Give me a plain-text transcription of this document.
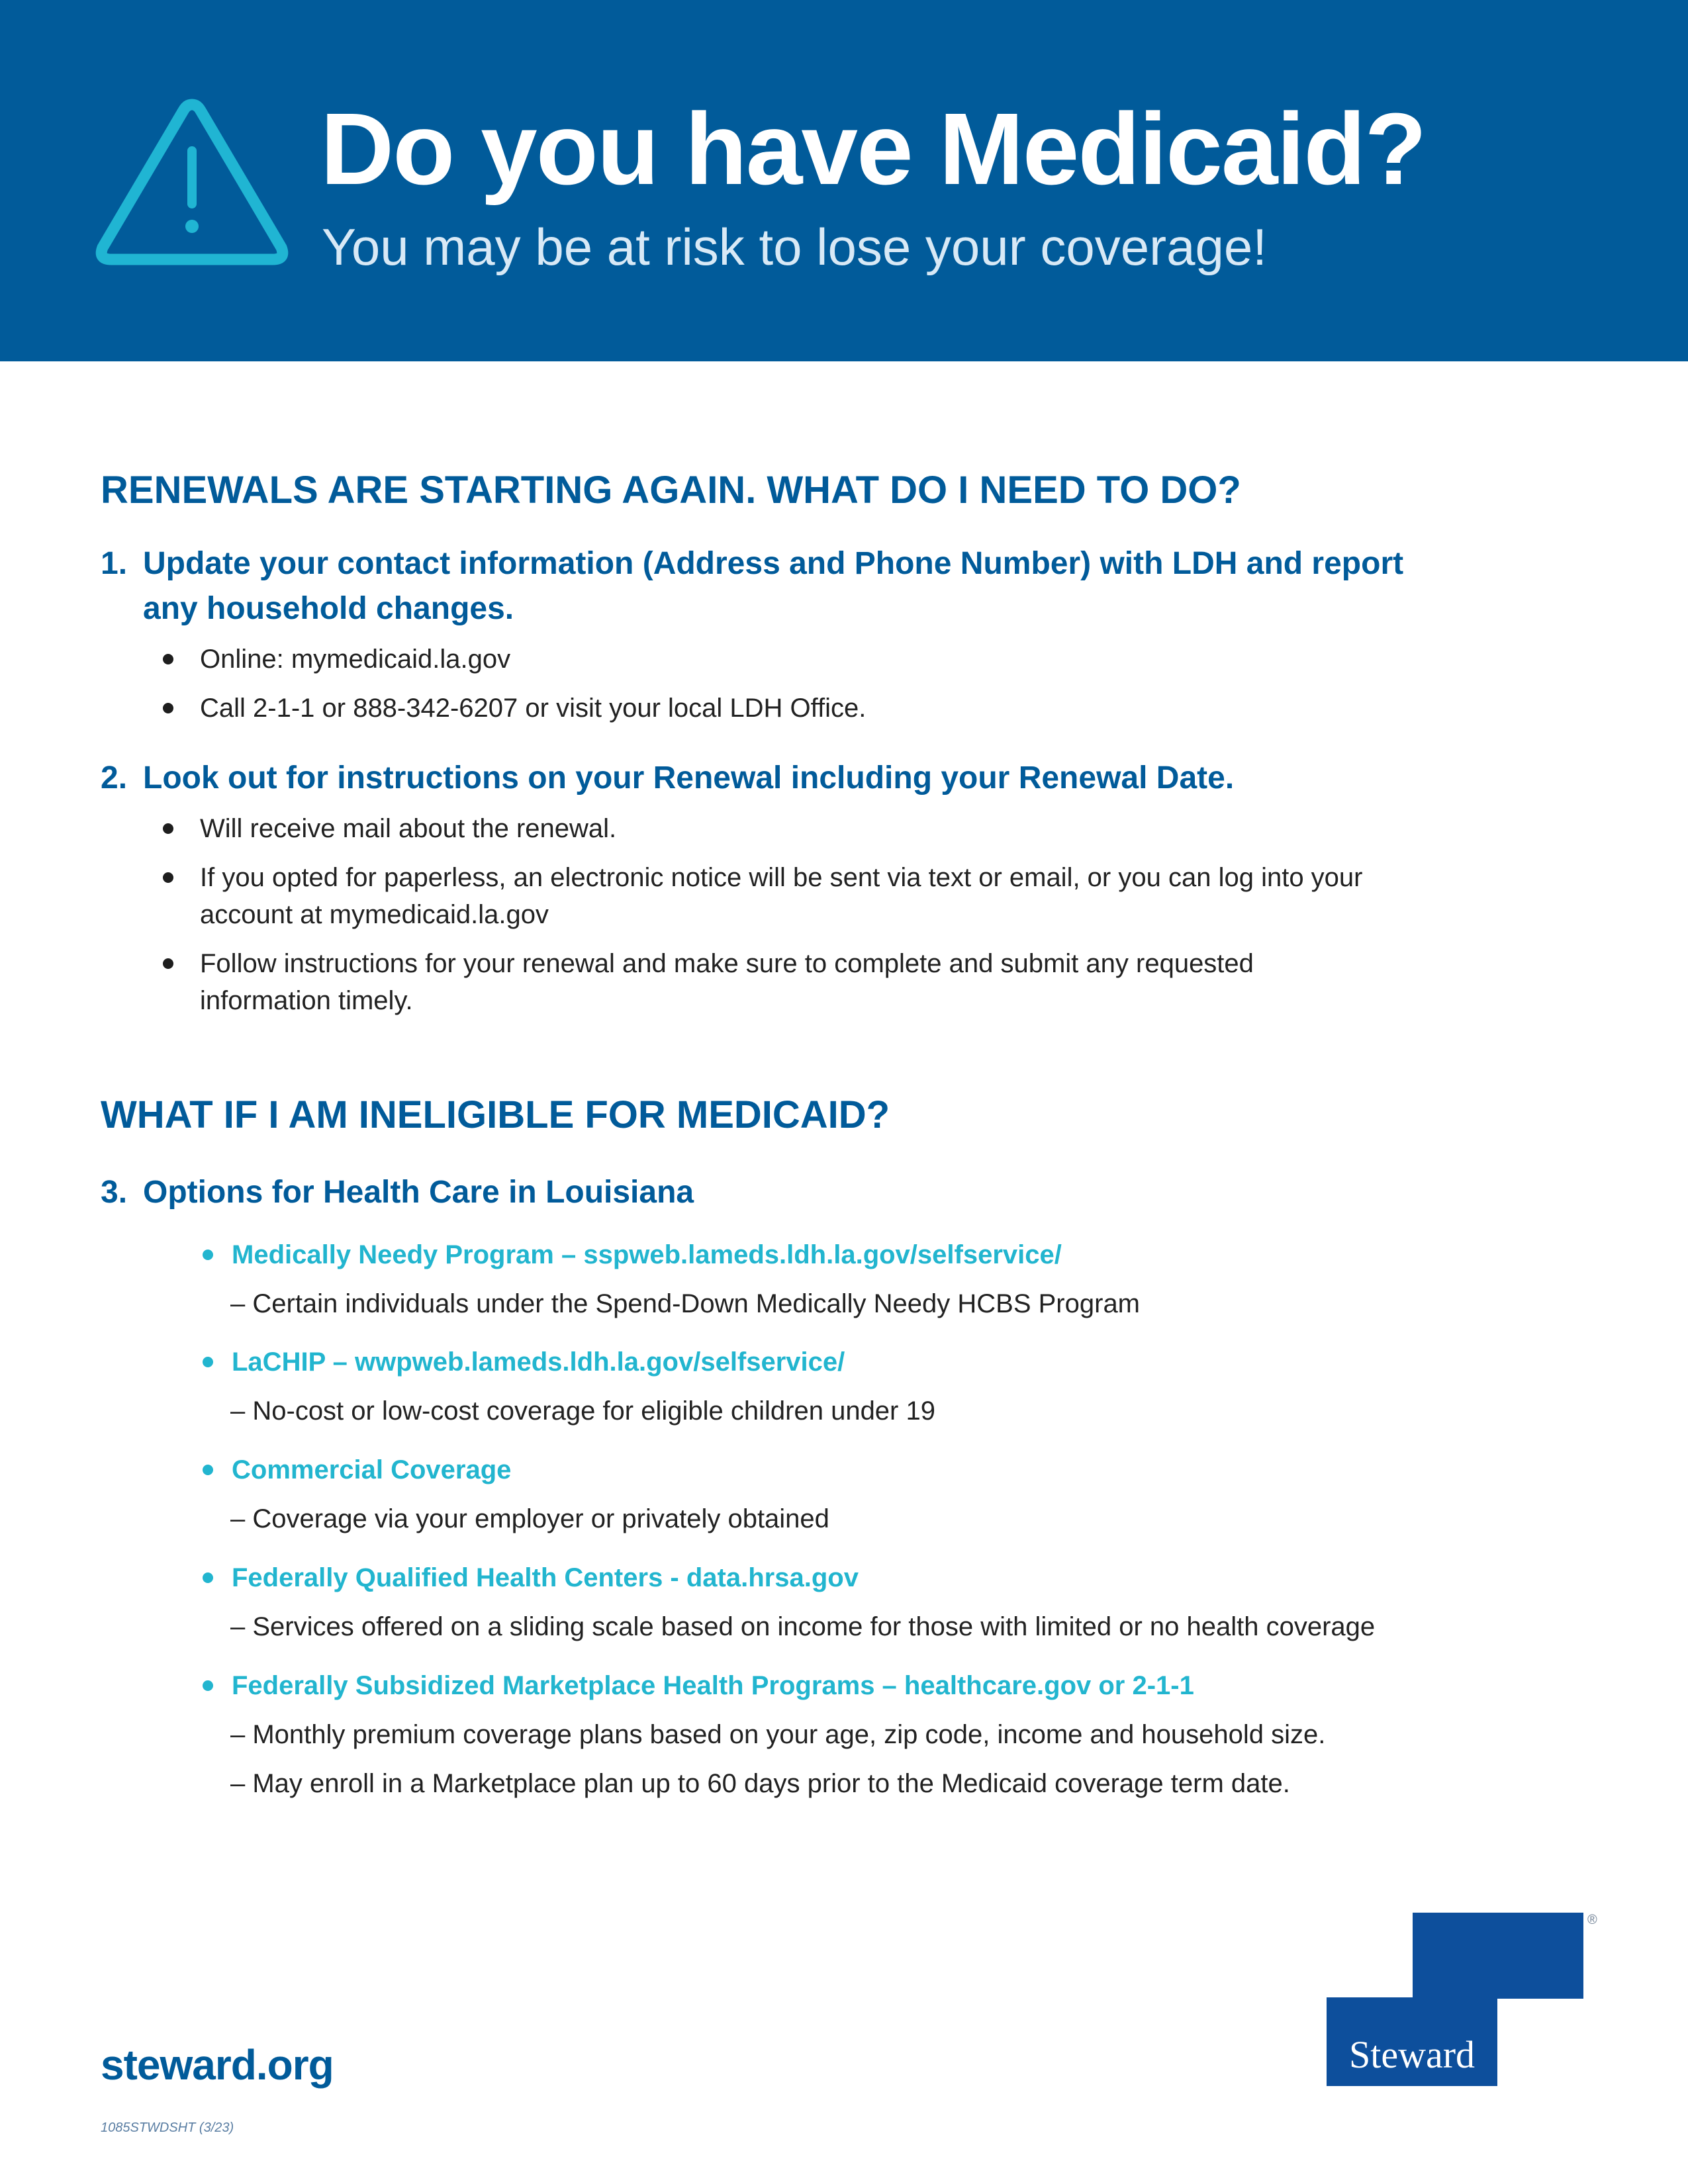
Do you have Medicaid?

You may be at risk to lose your coverage!

RENEWALS ARE STARTING AGAIN. WHAT DO I NEED TO DO?
1. Update your contact information (Address and Phone Number) with LDH and report
any household changes.
Online: mymedicaid.la.gov
Call 2-1-1 or 888-342-6207 or visit your local LDH Office.
2. Look out for instructions on your Renewal including your Renewal Date.
Will receive mail about the renewal.
If you opted for paperless, an electronic notice will be sent via text or email, or you can log into your account at mymedicaid.la.gov
Follow instructions for your renewal and make sure to complete and submit any requested information timely.
WHAT IF I AM INELIGIBLE FOR MEDICAID?
3. Options for Health Care in Louisiana
Medically Needy Program – sspweb.lameds.ldh.la.gov/selfservice/
– Certain individuals under the Spend-Down Medically Needy HCBS Program
LaCHIP – wwpweb.lameds.ldh.la.gov/selfservice/
– No-cost or low-cost coverage for eligible children under 19
Commercial Coverage
– Coverage via your employer or privately obtained
Federally Qualified Health Centers - data.hrsa.gov
– Services offered on a sliding scale based on income for those with limited or no health coverage
Federally Subsidized Marketplace Health Programs – healthcare.gov or 2-1-1
– Monthly premium coverage plans based on your age, zip code, income and household size.
– May enroll in a Marketplace plan up to 60 days prior to the Medicaid coverage term date.

steward.org

1085STWDSHT (3/23)

Steward
®
